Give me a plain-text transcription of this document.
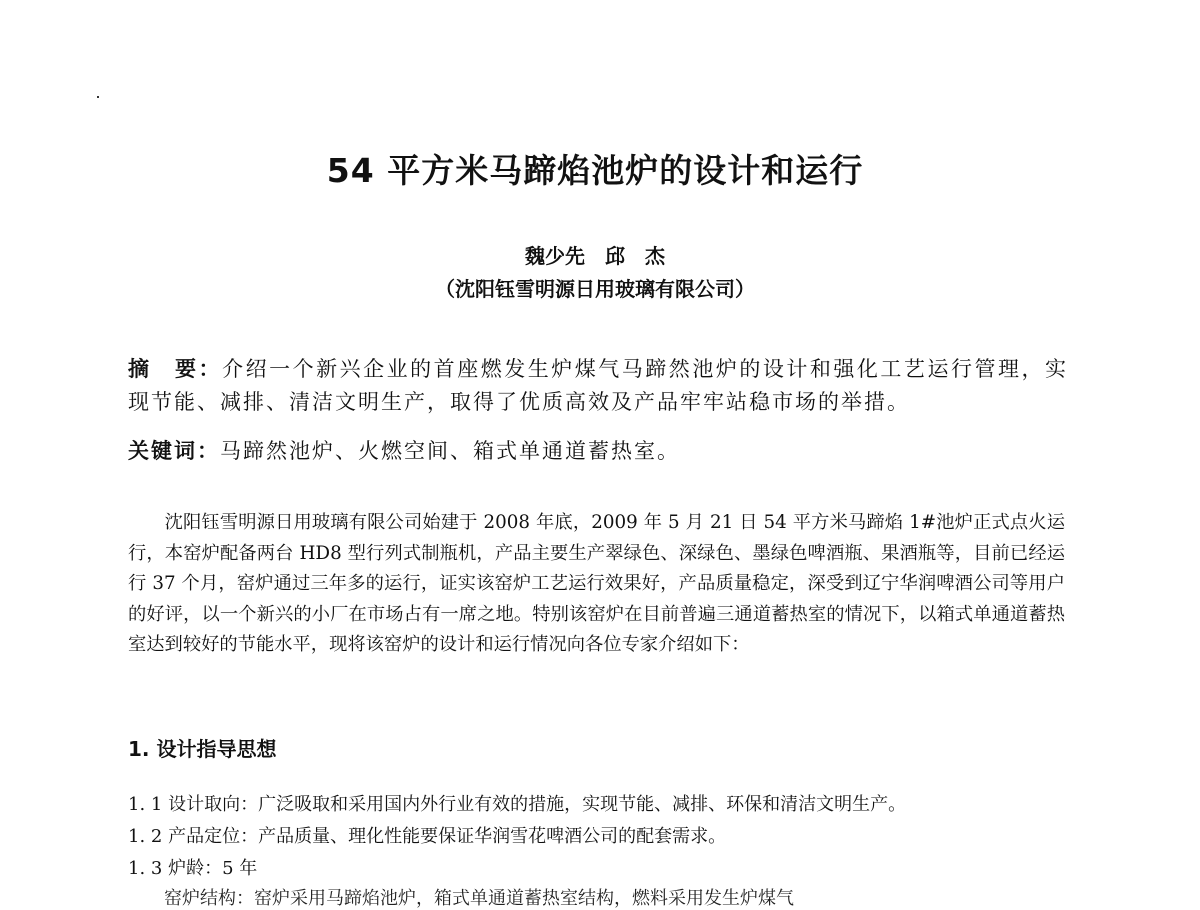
54 平方米马蹄焰池炉的设计和运行
魏少先　邱　杰
（沈阳钰雪明源日用玻璃有限公司）
摘　要：介绍一个新兴企业的首座燃发生炉煤气马蹄然池炉的设计和强化工艺运行管理，实现节能、减排、清洁文明生产，取得了优质高效及产品牢牢站稳市场的举措。
关键词：马蹄然池炉、火燃空间、箱式单通道蓄热室。

沈阳钰雪明源日用玻璃有限公司始建于 2008 年底，2009 年 5 月 21 日 54 平方米马蹄焰 1#池炉正式点火运行，本窑炉配备两台 HD8 型行列式制瓶机，产品主要生产翠绿色、深绿色、墨绿色啤酒瓶、果酒瓶等，目前已经运行 37 个月，窑炉通过三年多的运行，证实该窑炉工艺运行效果好，产品质量稳定，深受到辽宁华润啤酒公司等用户的好评，以一个新兴的小厂在市场占有一席之地。特别该窑炉在目前普遍三通道蓄热室的情况下，以箱式单通道蓄热室达到较好的节能水平，现将该窑炉的设计和运行情况向各位专家介绍如下：

1. 设计指导思想
1. 1 设计取向：广泛吸取和采用国内外行业有效的措施，实现节能、减排、环保和清洁文明生产。
1. 2 产品定位：产品质量、理化性能要保证华润雪花啤酒公司的配套需求。
1. 3 炉龄：5 年
　　窑炉结构：窑炉采用马蹄焰池炉，箱式单通道蓄热室结构，燃料采用发生炉煤气
